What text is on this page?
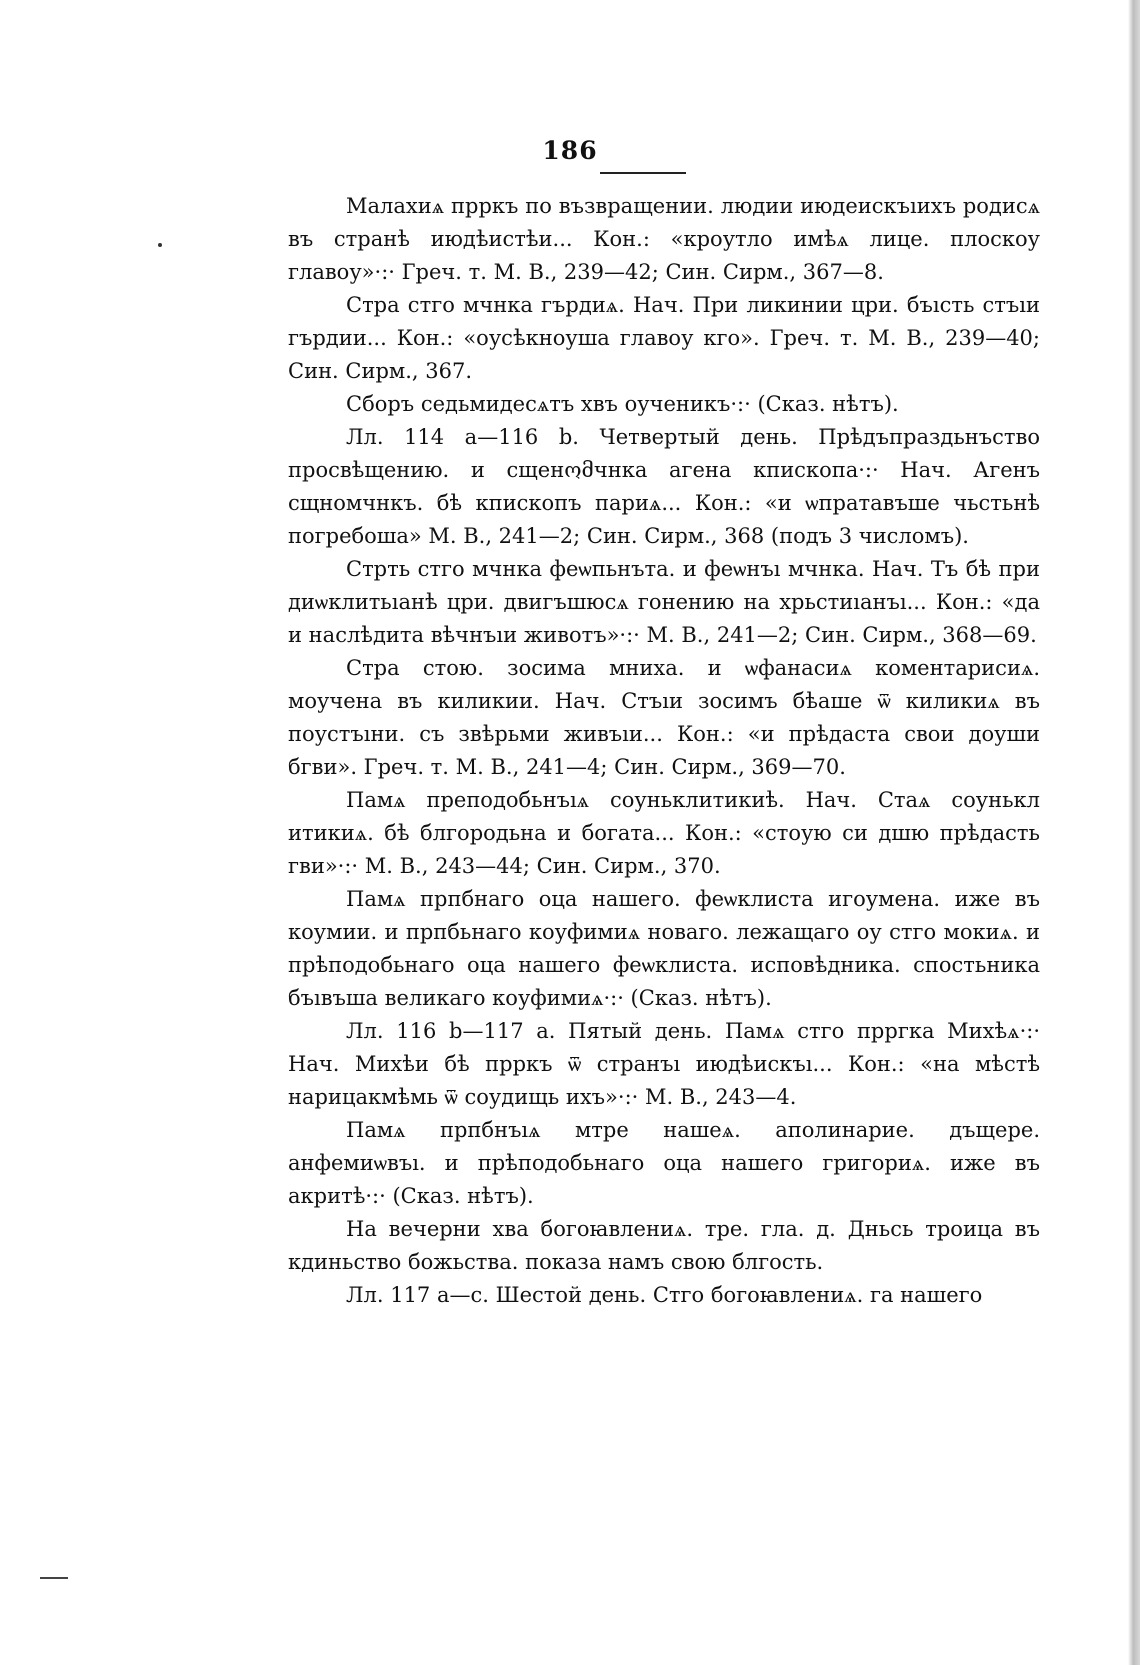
186

Малахиѧ прркъ по възвращении. людии июдеискъıихъ родисѧ въ странѣ июдѣистѣи... Кон.: «кроутло имѣѧ лице. плоскоу главоу»·:· Греч. т. М. В., 239—42; Син. Сирм., 367—8.

Стра стго мчнка гърдиѧ. Нач. При ликинии цри. бъıсть стъıи гърдии... Кон.: «оусѣкноуша главоу кго». Греч. т. М. В., 239—40; Син. Сирм., 367.

Сборъ седьмидесѧтъ хвъ оученикъ·:· (Сказ. нѣтъ).

Лл. 114 а—116 b. Четвертый день. Прѣдъпраздьнъство просвѣщению. и сщенომчнка агена кпископа·:· Нач. Агенъ сщномчнкъ. бѣ кпископъ париѧ... Кон.: «и ѡпратавъше чьстьнѣ погребоша» М. В., 241—2; Син. Сирм., 368 (подъ 3 числомъ).

Стрть стго мчнка феѡпьнъта. и феѡнъı мчнка. Нач. Тъ бѣ при диѡклитьıанѣ цри. двигъшюсѧ гонению на хрьстиıанъı... Кон.: «да и наслѣдита вѣчнъıи животъ»·:· М. В., 241—2; Син. Сирм., 368—69.

Стра стою. зосима мниха. и ѡфанасиѧ коментарисиѧ. моучена въ киликии. Нач. Стъıи зосимъ бѣаше ѿ киликиѧ въ поустъıни. съ звѣрьми живъıи... Кон.: «и прѣдаста свои доуши бгви». Греч. т. М. В., 241—4; Син. Сирм., 369—70.

Памѧ преподобьнъıѧ соунькл​итикиѣ. Нач. Стаѧ соунькл​итикиѧ. бѣ блгородьна и богата... Кон.: «стоую си дшю прѣдасть гви»·:· М. В., 243—44; Син. Сирм., 370.

Памѧ прпбнаго оца нашего. феѡклиста игоумена. иже въ коумии. и прпбьнаго коуфимиѧ новаго. лежащаго оу стго мокиѧ. и прѣподобьнаго оца нашего феѡклиста. исповѣдника. спостьника бъıвъша великаго коуфимиѧ·:· (Сказ. нѣтъ).

Лл. 116 b—117 а. Пятый день. Памѧ стго прргка Михѣѧ·:· Нач. Михѣи бѣ прркъ ѿ странъı июдѣискъı... Кон.: «на мѣстѣ нарицакмѣмь ѿ соудищь ихъ»·:· М. В., 243—4.

Памѧ прпбнъıѧ мтре нашеѧ. аполинарие. дъщере. анфемиѡвъı. и прѣподобьнаго оца нашего григориѧ. иже въ акритѣ·:· (Сказ. нѣтъ).

На вечерни хва богоꙗвлениѧ. тре. гла. д. Дньсь троица въ кдиньство божьства. показа намъ свою блгость.

Лл. 117 а—с. Шестой день. Стго богоꙗвлениѧ. га нашего
